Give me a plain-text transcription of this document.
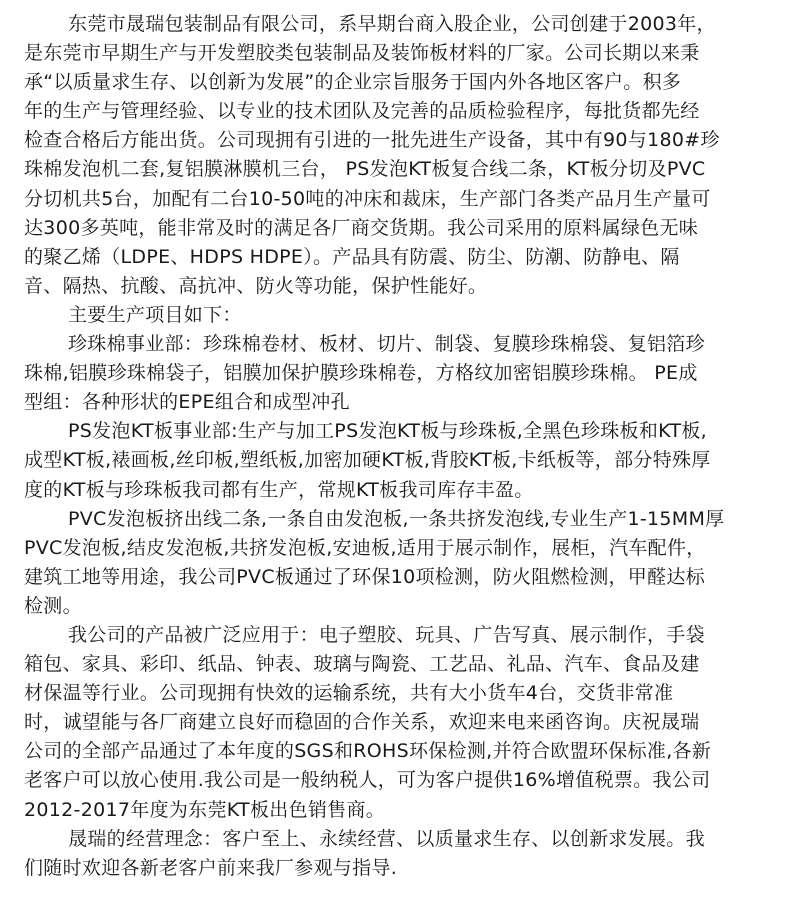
东莞市晟瑞包装制品有限公司，系早期台商入股企业，公司创建于2003年，
是东莞市早期生产与开发塑胶类包装制品及装饰板材料的厂家。公司长期以来秉
承“以质量求生存、以创新为发展”的企业宗旨服务于国内外各地区客户。积多
年的生产与管理经验、以专业的技术团队及完善的品质检验程序，每批货都先经
检查合格后方能出货。公司现拥有引进的一批先进生产设备，其中有90与180#珍
珠棉发泡机二套,复铝膜淋膜机三台， PS发泡KT板复合线二条，KT板分切及PVC
分切机共5台，加配有二台10-50吨的冲床和裁床，生产部门各类产品月生产量可
达300多英吨，能非常及时的满足各厂商交货期。我公司采用的原料属绿色无味
的聚乙烯（LDPE、HDPS HDPE）。产品具有防震、防尘、防潮、防静电、隔
音、隔热、抗酸、高抗冲、防火等功能，保护性能好。
主要生产项目如下：
珍珠棉事业部：珍珠棉卷材、板材、切片、制袋、复膜珍珠棉袋、复铝箔珍
珠棉,铝膜珍珠棉袋子，铝膜加保护膜珍珠棉卷，方格纹加密铝膜珍珠棉。 PE成
型组：各种形状的EPE组合和成型冲孔
PS发泡KT板事业部:生产与加工PS发泡KT板与珍珠板,全黑色珍珠板和KT板,
成型KT板,裱画板,丝印板,塑纸板,加密加硬KT板,背胶KT板,卡纸板等，部分特殊厚
度的KT板与珍珠板我司都有生产，常规KT板我司库存丰盈。
PVC发泡板挤出线二条,一条自由发泡板,一条共挤发泡线,专业生产1-15MM厚
PVC发泡板,结皮发泡板,共挤发泡板,安迪板,适用于展示制作，展柜，汽车配件，
建筑工地等用途，我公司PVC板通过了环保10项检测，防火阻燃检测，甲醛达标
检测。
我公司的产品被广泛应用于：电子塑胶、玩具、广告写真、展示制作，手袋
箱包、家具、彩印、纸品、钟表、玻璃与陶瓷、工艺品、礼品、汽车、食品及建
材保温等行业。公司现拥有快效的运输系统，共有大小货车4台，交货非常准
时，诚望能与各厂商建立良好而稳固的合作关系，欢迎来电来函咨询。庆祝晟瑞
公司的全部产品通过了本年度的SGS和ROHS环保检测,并符合欧盟环保标准,各新
老客户可以放心使用.我公司是一般纳税人，可为客户提供16%增值税票。我公司
2012-2017年度为东莞KT板出色销售商。
晟瑞的经营理念：客户至上、永续经营、以质量求生存、以创新求发展。我
们随时欢迎各新老客户前来我厂参观与指导.
